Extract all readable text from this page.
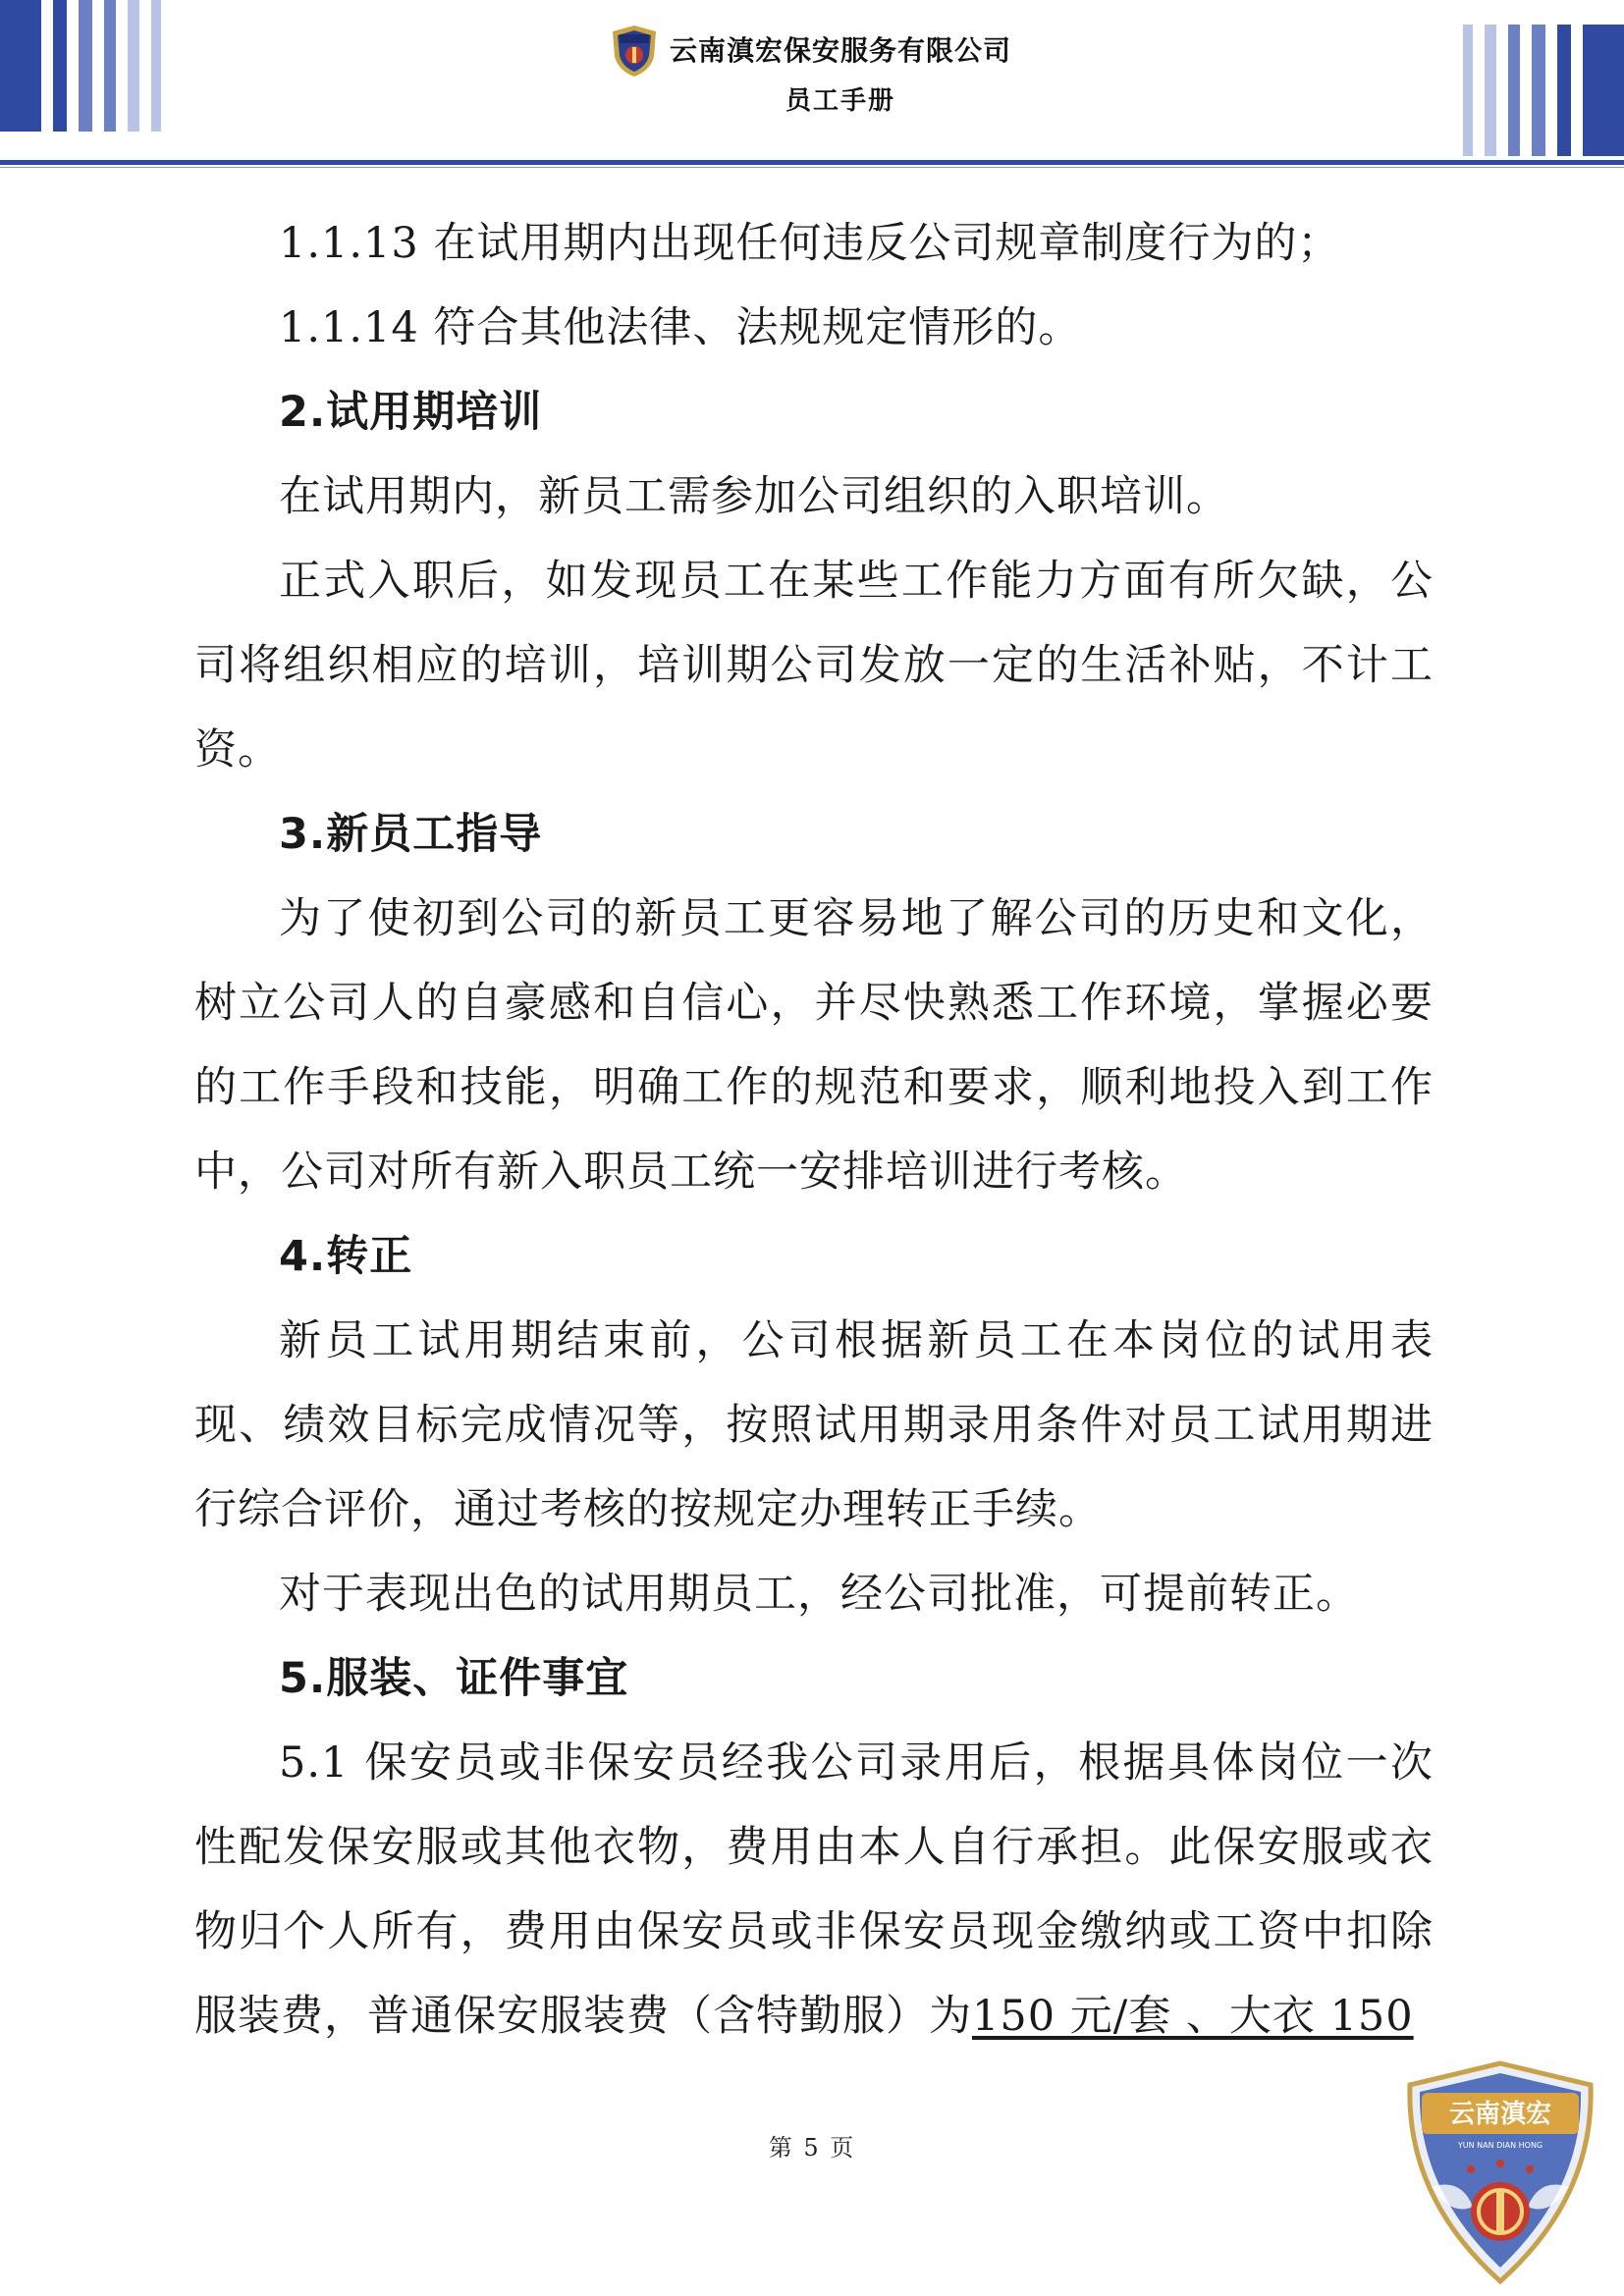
云南滇宏保安服务有限公司
员工手册

1.1.13 在试用期内出现任何违反公司规章制度行为的；

1.1.14 符合其他法律、法规规定情形的。

2.试用期培训

在试用期内，新员工需参加公司组织的入职培训。

正式入职后，如发现员工在某些工作能力方面有所欠缺，公司将组织相应的培训，培训期公司发放一定的生活补贴，不计工资。

3.新员工指导

为了使初到公司的新员工更容易地了解公司的历史和文化，树立公司人的自豪感和自信心，并尽快熟悉工作环境，掌握必要的工作手段和技能，明确工作的规范和要求，顺利地投入到工作中，公司对所有新入职员工统一安排培训进行考核。

4.转正

新员工试用期结束前，公司根据新员工在本岗位的试用表现、绩效目标完成情况等，按照试用期录用条件对员工试用期进行综合评价，通过考核的按规定办理转正手续。

对于表现出色的试用期员工，经公司批准，可提前转正。

5.服装、证件事宜

5.1 保安员或非保安员经我公司录用后，根据具体岗位一次性配发保安服或其他衣物，费用由本人自行承担。此保安服或衣物归个人所有，费用由保安员或非保安员现金缴纳或工资中扣除服装费，普通保安服装费（含特勤服）为150 元/套 、大衣 150

第 5 页
云南滇宏
YUN NAN DIAN HONG
